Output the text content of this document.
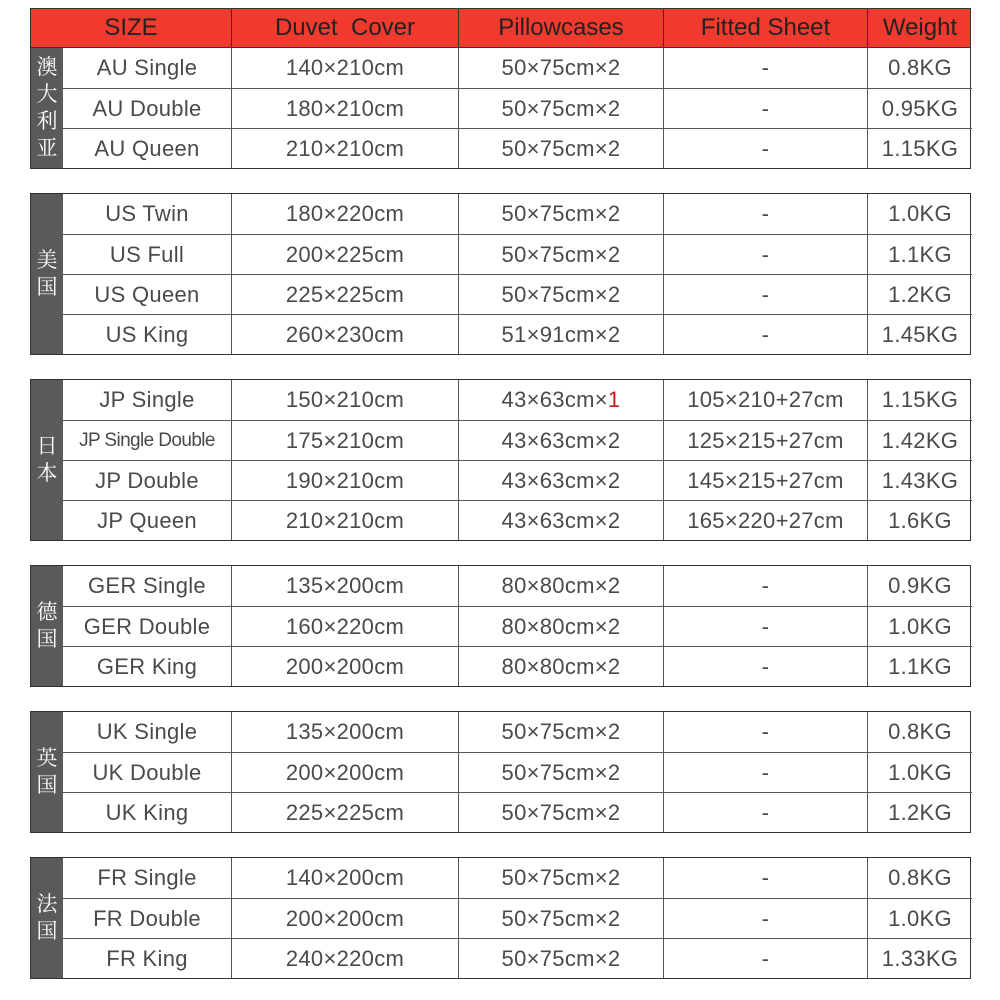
SIZE	Duvet  Cover	Pillowcases	Fitted Sheet	Weight
澳
大
利
亚
AU Single	140×210cm	50×75cm×2	-	0.8KG
AU Double	180×210cm	50×75cm×2	-	0.95KG
AU Queen	210×210cm	50×75cm×2	-	1.15KG
美
国
US Twin	180×220cm	50×75cm×2	-	1.0KG
US Full	200×225cm	50×75cm×2	-	1.1KG
US Queen	225×225cm	50×75cm×2	-	1.2KG
US King	260×230cm	51×91cm×2	-	1.45KG
日
本
JP Single	150×210cm	43×63cm× 1	105×210+27cm	1.15KG
JP Single Double	175×210cm	43×63cm×2	125×215+27cm	1.42KG
JP Double	190×210cm	43×63cm×2	145×215+27cm	1.43KG
JP Queen	210×210cm	43×63cm×2	165×220+27cm	1.6KG
德
国
GER Single	135×200cm	80×80cm×2	-	0.9KG
GER Double	160×220cm	80×80cm×2	-	1.0KG
GER King	200×200cm	80×80cm×2	-	1.1KG
英
国
UK Single	135×200cm	50×75cm×2	-	0.8KG
UK Double	200×200cm	50×75cm×2	-	1.0KG
UK King	225×225cm	50×75cm×2	-	1.2KG
法
国
FR Single	140×200cm	50×75cm×2	-	0.8KG
FR Double	200×200cm	50×75cm×2	-	1.0KG
FR King	240×220cm	50×75cm×2	-	1.33KG
